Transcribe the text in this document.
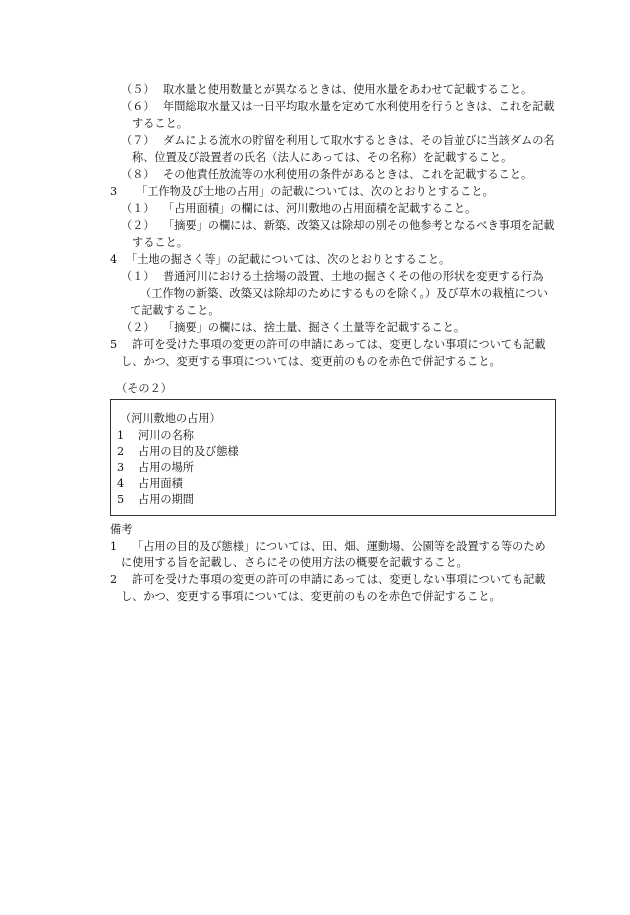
（５） 取水量と使用数量とが異なるときは、使用水量をあわせて記載すること。
（６） 年間総取水量又は一日平均取水量を定めて水利使用を行うときは、これを記載
すること。
（７） ダムによる流水の貯留を利用して取水するときは、その旨並びに当該ダムの名
称、位置及び設置者の氏名（法人にあっては、その名称）を記載すること。
（８） その他責任放流等の水利使用の条件があるときは、これを記載すること。
3 「工作物及び土地の占用」の記載については、次のとおりとすること。
（１） 「占用面積」の欄には、河川敷地の占用面積を記載すること。
（２） 「摘要」の欄には、新築、改築又は除却の別その他参考となるべき事項を記載
すること。
4 「土地の掘さく等」の記載については、次のとおりとすること。
（１） 普通河川における土捨場の設置、土地の掘さくその他の形状を変更する行為
（工作物の新築、改築又は除却のためにするものを除く。）及び草木の栽植につい
て記載すること。
（２） 「摘要」の欄には、捨土量、掘さく土量等を記載すること。
5 許可を受けた事項の変更の許可の申請にあっては、変更しない事項についても記載
し、かつ、変更する事項については、変更前のものを赤色で併記すること。
（その２）
（河川敷地の占用）
1 河川の名称
2 占用の目的及び態様
3 占用の場所
4 占用面積
5 占用の期間
備考
1 「占用の目的及び態様」については、田、畑、運動場、公園等を設置する等のため
に使用する旨を記載し、さらにその使用方法の概要を記載すること。
2 許可を受けた事項の変更の許可の申請にあっては、変更しない事項についても記載
し、かつ、変更する事項については、変更前のものを赤色で併記すること。
